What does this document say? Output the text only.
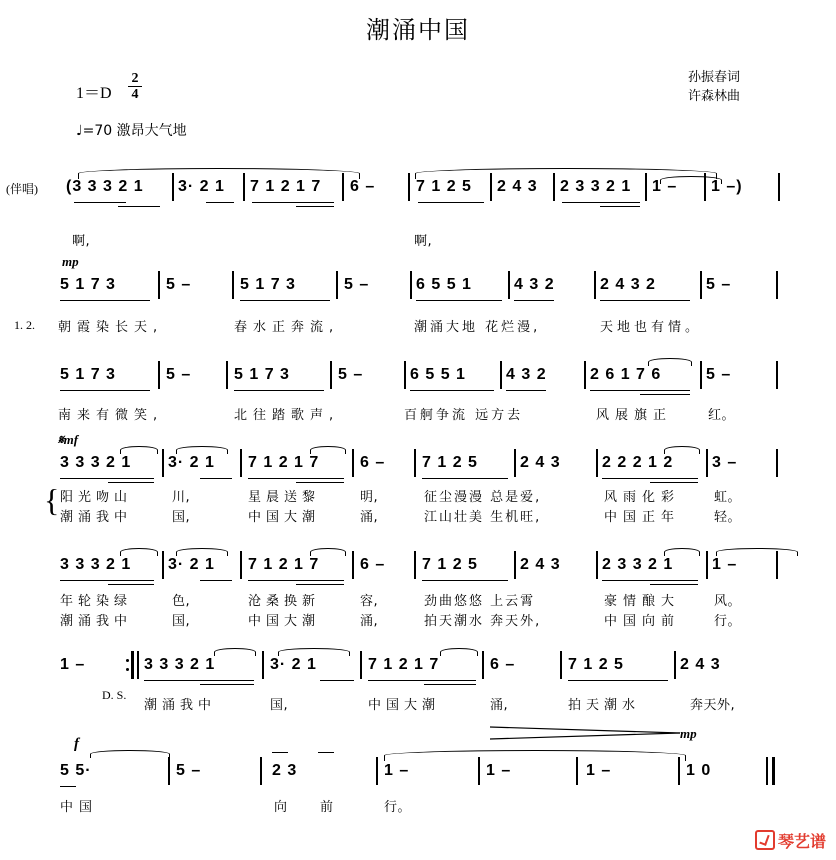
潮涌中国
1＝D
2
4
♩=70 激昂大气地
孙振春词
许森林曲
(伴唱) (3 3 3 2 1 3· 2 1 7 1 2 1 7 6 –	7 1 2 5 2 4 3 2 3 3 2 1 1 – 1 –)
啊,	啊,
mp
5 1 7 3	5 –	5 1 7 3	5 –	6 5 5 1	4 3 2	2 4 3 2	5 –
1. 2. 朝霞染长天,	春水正奔流,	潮涌大地 花烂漫,	天地也有情。
5 1 7 3	5 –	5 1 7 3	5 –	6 5 5 1	4 3 2	2 6 1 7 6	5 –
南来有微笑,	北往踏歌声,	百舸争流 远方去	风展旗正	红。
𝄋mf
3 3 3 2 1 3· 2 1 7 1 2 1 7	6 – 7 1 2 5	2 4 3	2 2 2 1 2 3 –
{ 阳光吻山	川,	星晨送黎	明,	征尘漫漫 总是爱,	风雨化彩	虹。
潮涌我中	国,	中国大潮	涌,	江山壮美 生机旺,	中国正年	轻。
3 3 3 2 1 3· 2 1 7 1 2 1 7	6 – 7 1 2 5	2 4 3	2 3 3 2 1 1 –
年轮染绿	色,	沧桑换新	容,	劲曲悠悠 上云霄	豪情酿大	风。
潮涌我中	国,	中国大潮	涌,	拍天潮水 奔天外,	中国向前	行。
1 –	3 3 3 2 1	3· 2 1	7 1 2 1 7	6 –	7 1 2 5	2 4 3
D. S.
潮涌我中	国,	中国大潮	涌,	拍天潮水	奔天外,
f
mp
5 5·	5 –	2 3	1 –	1 –	1 –	1 0
中国	向 前	行。
琴艺谱
